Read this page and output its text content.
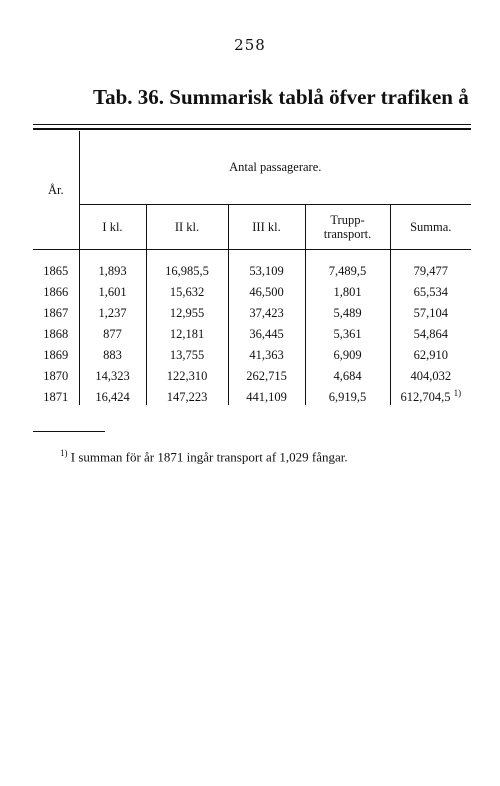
258
Tab. 36. Summarisk tablå öfver trafiken å
År.	Antal passagerare.				
	I kl.	II kl.	III kl.	Trupp-
transport.	Summa.

1865	1,893	16,985,5	53,109	7,489,5	79,477
1866	1,601	15,632	46,500	1,801	65,534
1867	1,237	12,955	37,423	5,489	57,104
1868	877	12,181	36,445	5,361	54,864
1869	883	13,755	41,363	6,909	62,910
1870	14,323	122,310	262,715	4,684	404,032
1871	16,424	147,223	441,109	6,919,5	612,704,5 $^{1)}$
$^{1)}$ I summan för år 1871 ingår transport af 1,029 fångar.
